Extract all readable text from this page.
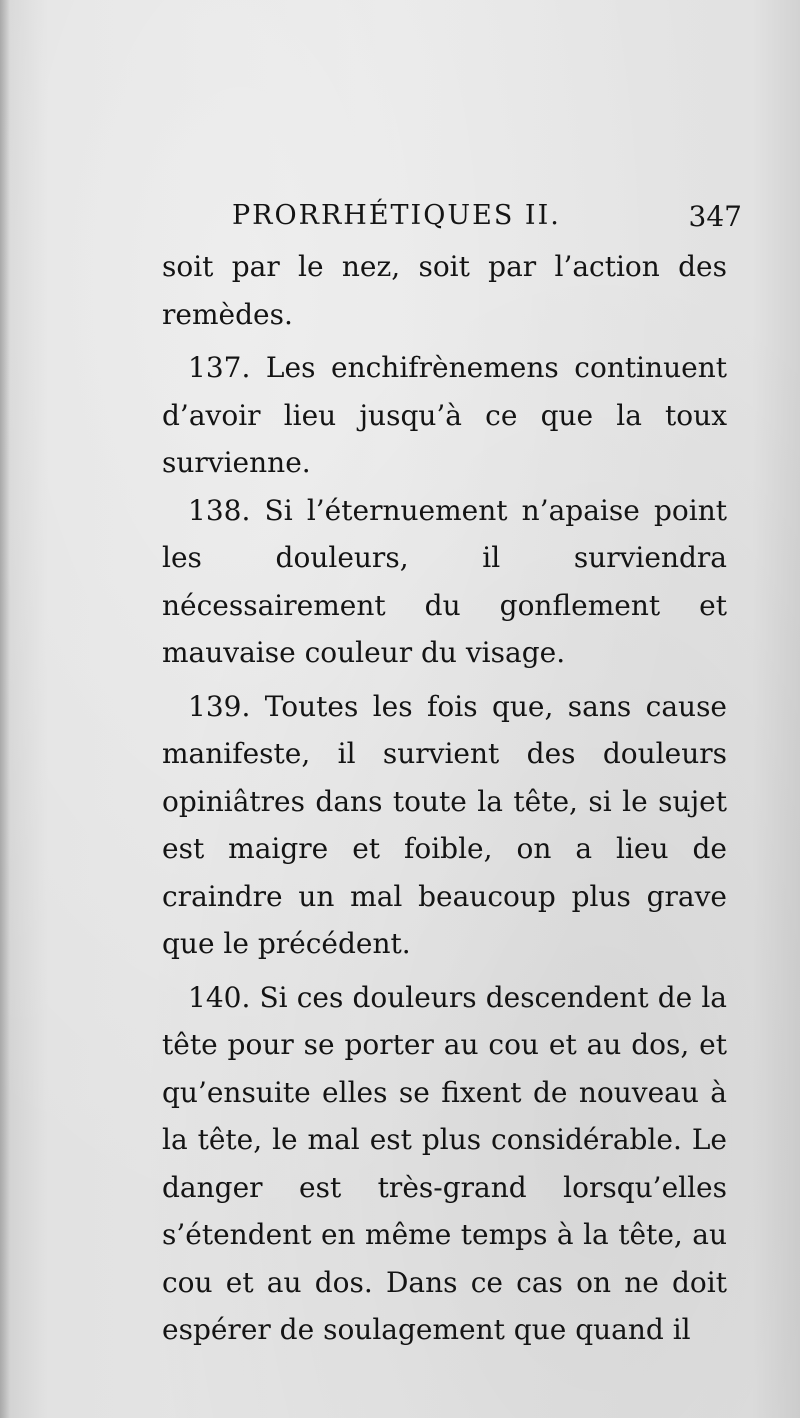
PRORRHÉTIQUES II.	347

soit par le nez, soit par l’action des remèdes.

137. Les enchifrènemens continuent d’avoir lieu jusqu’à ce que la toux survienne.

138. Si l’éternuement n’apaise point les douleurs, il surviendra nécessairement du gonflement et mauvaise couleur du visage.

139. Toutes les fois que, sans cause manifeste, il survient des douleurs opiniâtres dans toute la tête, si le sujet est maigre et foible, on a lieu de craindre un mal beaucoup plus grave que le précédent.

140. Si ces douleurs descendent de la tête pour se porter au cou et au dos, et qu’ensuite elles se fixent de nouveau à la tête, le mal est plus considérable. Le danger est très-grand lorsqu’elles s’étendent en même temps à la tête, au cou et au dos. Dans ce cas on ne doit espérer de soulagement que quand il
